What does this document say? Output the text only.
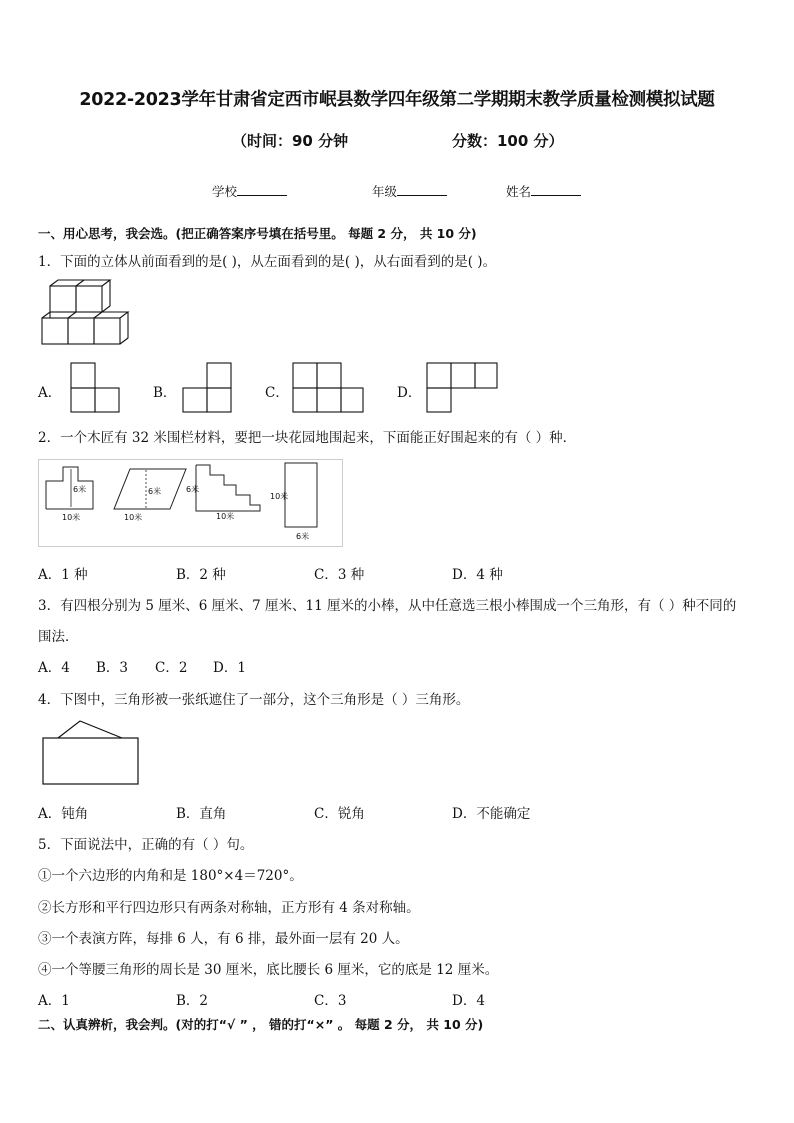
2022-2023学年甘肃省定西市岷县数学四年级第二学期期末教学质量检测模拟试题
（时间：90 分钟	分数：100 分）
学校	年级	姓名
一、用心思考，我会选。(把正确答案序号填在括号里。 每题 2 分， 共 10 分)
1．下面的立体从前面看到的是( )，从左面看到的是( )，从右面看到的是( )。
A．	B．	C．	D．
2．一个木匠有 32 米围栏材料，要把一块花园地围起来，下面能正好围起来的有（ ）种．
6米
10米
6米
10米
6米
10米
10米
6米
A．1 种	B．2 种	C．3 种	D．4 种
3．有四根分别为 5 厘米、6 厘米、7 厘米、11 厘米的小棒，从中任意选三根小棒围成一个三角形，有（ ）种不同的
围法．
A．4 B．3 C．2 D．1
4．下图中，三角形被一张纸遮住了一部分，这个三角形是（ ）三角形。
A．钝角	B．直角	C．锐角	D．不能确定
5．下面说法中，正确的有（ ）句。
①一个六边形的内角和是 180°×4＝720°。
②长方形和平行四边形只有两条对称轴，正方形有 4 条对称轴。
③一个表演方阵，每排 6 人，有 6 排，最外面一层有 20 人。
④一个等腰三角形的周长是 30 厘米，底比腰长 6 厘米，它的底是 12 厘米。
A．1	B．2	C．3	D．4
二、认真辨析，我会判。(对的打“√ ” ， 错的打“×” 。 每题 2 分， 共 10 分)
